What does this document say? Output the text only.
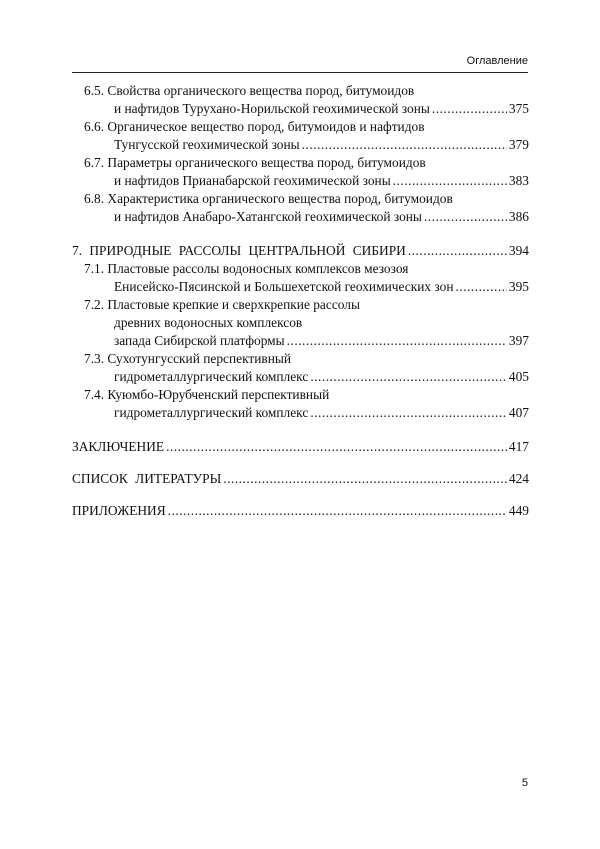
Оглавление
6.5. Свойства органического вещества пород, битумоидов
и нафтидов Турухано-Норильской геохимической зоны .....	375
6.6. Органическое вещество пород, битумоидов и нафтидов
Тунгусской геохимической зоны .....	379
6.7. Параметры органического вещества пород, битумоидов
и нафтидов Прианабарской геохимической зоны .....	383
6.8. Характеристика органического вещества пород, битумоидов
и нафтидов Анабаро-Хатангской геохимической зоны .....	386
7. ПРИРОДНЫЕ РАССОЛЫ ЦЕНТРАЛЬНОЙ СИБИРИ .....	394
7.1. Пластовые рассолы водоносных комплексов мезозоя
Енисейско-Пясинской и Большехетской геохимических зон .....	395
7.2. Пластовые крепкие и сверхкрепкие рассолы
древних водоносных комплексов
запада Сибирской платформы .....	397
7.3. Сухотунгусский перспективный
гидрометаллургический комплекс .....	405
7.4. Куюмбо-Юрубченский перспективный
гидрометаллургический комплекс .....	407
ЗАКЛЮЧЕНИЕ .....	417
СПИСОК ЛИТЕРАТУРЫ .....	424
ПРИЛОЖЕНИЯ .....	449
5
